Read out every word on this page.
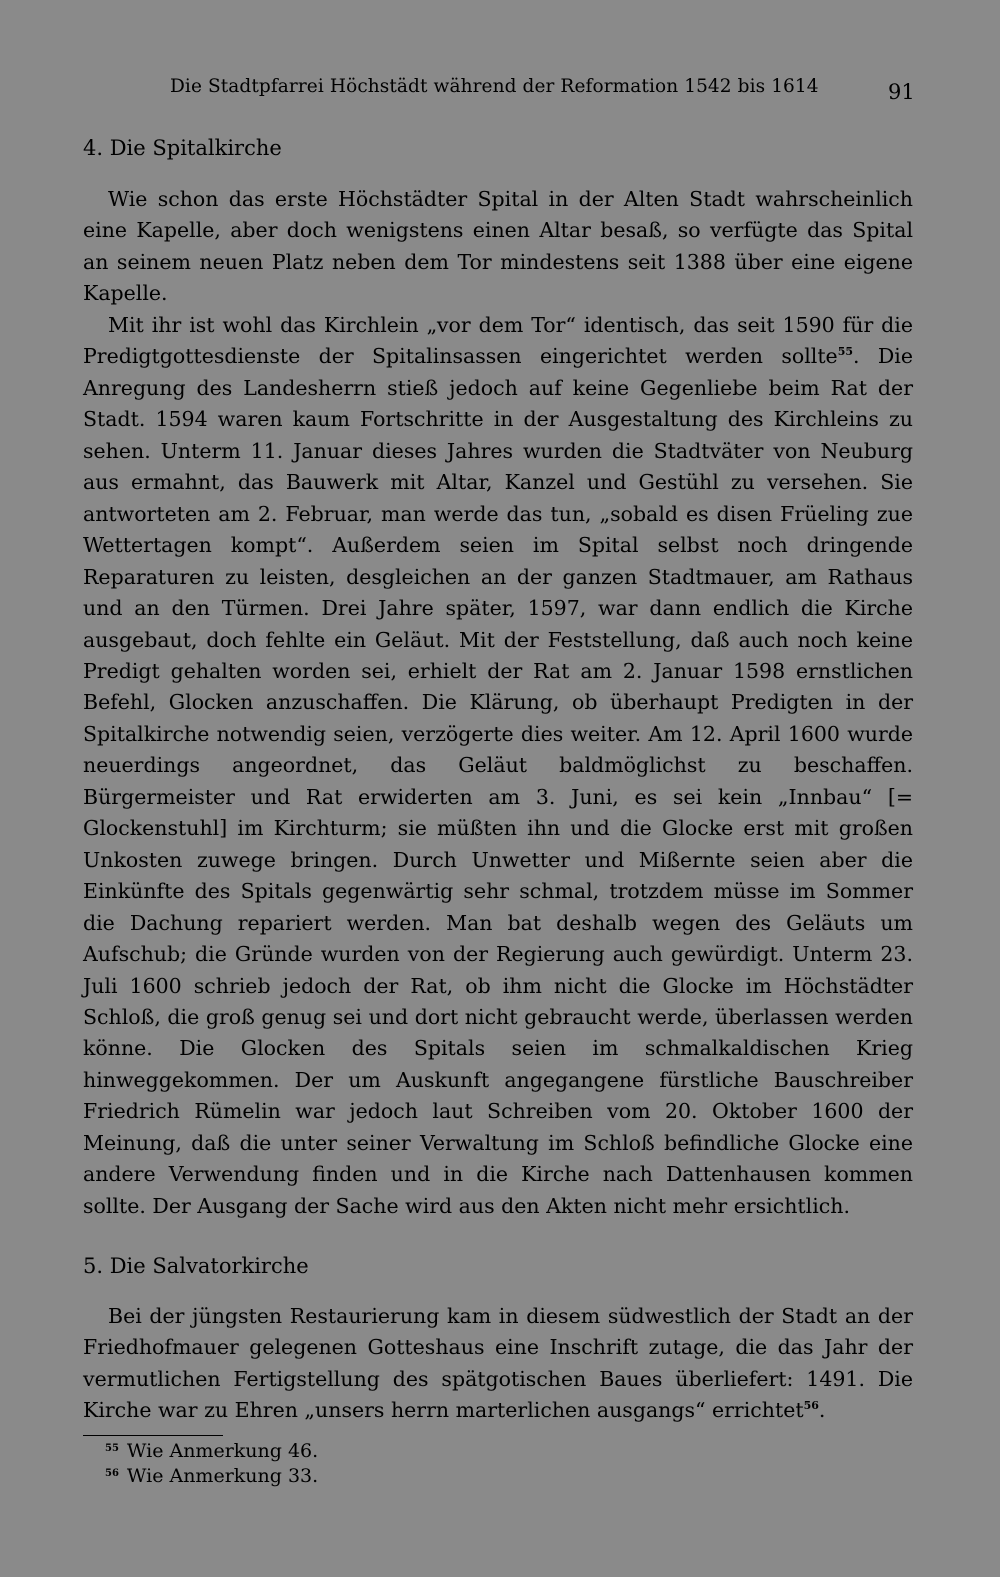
Die Stadtpfarrei Höchstädt während der Reformation 1542 bis 1614	91
4. Die Spitalkirche

Wie schon das erste Höchstädter Spital in der Alten Stadt wahrscheinlich eine Kapelle, aber doch wenigstens einen Altar besaß, so verfügte das Spital an seinem neuen Platz neben dem Tor mindestens seit 1388 über eine eigene Kapelle.

Mit ihr ist wohl das Kirchlein „vor dem Tor“ identisch, das seit 1590 für die Predigtgottesdienste der Spitalinsassen eingerichtet werden sollte$^{55}$. Die Anregung des Landesherrn stieß jedoch auf keine Gegenliebe beim Rat der Stadt. 1594 waren kaum Fortschritte in der Ausgestaltung des Kirchleins zu sehen. Unterm 11. Januar dieses Jahres wurden die Stadtväter von Neuburg aus ermahnt, das Bauwerk mit Altar, Kanzel und Gestühl zu versehen. Sie antworteten am 2. Februar, man werde das tun, „sobald es disen Früeling zue Wettertagen kompt“. Außerdem seien im Spital selbst noch dringende Reparaturen zu leisten, desgleichen an der ganzen Stadtmauer, am Rathaus und an den Türmen. Drei Jahre später, 1597, war dann endlich die Kirche ausgebaut, doch fehlte ein Geläut. Mit der Feststellung, daß auch noch keine Predigt gehalten worden sei, erhielt der Rat am 2. Januar 1598 ernstlichen Befehl, Glocken anzuschaffen. Die Klärung, ob überhaupt Predigten in der Spitalkirche notwendig seien, verzögerte dies weiter. Am 12. April 1600 wurde neuerdings angeordnet, das Geläut baldmöglichst zu beschaffen. Bürgermeister und Rat erwiderten am 3. Juni, es sei kein „Innbau“ [= Glockenstuhl] im Kirchturm; sie müßten ihn und die Glocke erst mit großen Unkosten zuwege bringen. Durch Unwetter und Mißernte seien aber die Einkünfte des Spitals gegenwärtig sehr schmal, trotzdem müsse im Sommer die Dachung repariert werden. Man bat deshalb wegen des Geläuts um Aufschub; die Gründe wurden von der Regierung auch gewürdigt. Unterm 23. Juli 1600 schrieb jedoch der Rat, ob ihm nicht die Glocke im Höchstädter Schloß, die groß genug sei und dort nicht gebraucht werde, überlassen werden könne. Die Glocken des Spitals seien im schmalkaldischen Krieg hinweggekommen. Der um Auskunft angegangene fürstliche Bauschreiber Friedrich Rümelin war jedoch laut Schreiben vom 20. Oktober 1600 der Meinung, daß die unter seiner Verwaltung im Schloß befindliche Glocke eine andere Verwendung finden und in die Kirche nach Dattenhausen kommen sollte. Der Ausgang der Sache wird aus den Akten nicht mehr ersichtlich.

5. Die Salvatorkirche

Bei der jüngsten Restaurierung kam in diesem südwestlich der Stadt an der Friedhofmauer gelegenen Gotteshaus eine Inschrift zutage, die das Jahr der vermutlichen Fertigstellung des spätgotischen Baues überliefert: 1491. Die Kirche war zu Ehren „unsers herrn marterlichen ausgangs“ errichtet$^{56}$.

$^{55}$ Wie Anmerkung 46.
$^{56}$ Wie Anmerkung 33.
